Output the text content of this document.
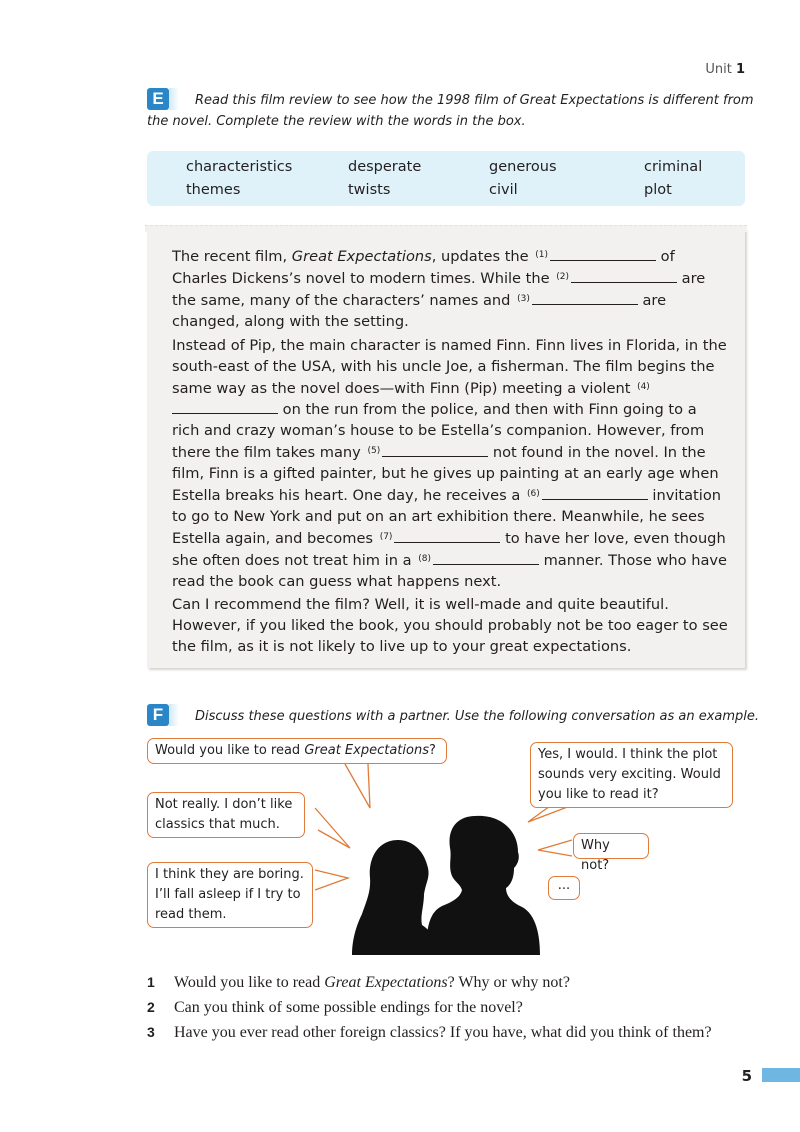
Unit 1
E	Read this film review to see how the 1998 film of Great Expectations is different from
the novel. Complete the review with the words in the box.
characteristics	desperate	generous	criminal
themes	twists	civil	plot
The recent film, Great Expectations, updates the $^{(1)}$	of Charles Dickens’s novel to modern times. While the $^{(2)}$	are the same, many of the characters’ names and $^{(3)}$	are changed, along with the setting.
Instead of Pip, the main character is named Finn. Finn lives in Florida, in the south-east of the USA, with his uncle Joe, a fisherman. The film begins the same way as the novel does—with Finn (Pip) meeting a violent $^{(4)}$ on the run from the police, and then with Finn going to a rich and crazy woman’s house to be Estella’s companion. However, from there the film takes many $^{(5)}$	not found in the novel. In the film, Finn is a gifted painter, but he gives up painting at an early age when Estella breaks his heart. One day, he receives a $^{(6)}$	invitation to go to New York and put on an art exhibition there. Meanwhile, he sees Estella again, and becomes $^{(7)}$	to have her love, even though she often does not treat him in a $^{(8)}$	manner. Those who have read the book can guess what happens next.
Can I recommend the film? Well, it is well-made and quite beautiful. However, if you liked the book, you should probably not be too eager to see the film, as it is not likely to live up to your great expectations.
F	Discuss these questions with a partner. Use the following conversation as an example.
Would you like to read Great Expectations?	Yes, I would. I think the plot sounds very exciting. Would you like to read it?
Not really. I don’t like classics that much.
Why not?
I think they are boring. I’ll fall asleep if I try to read them.
...
1 Would you like to read Great Expectations? Why or why not?
2 Can you think of some possible endings for the novel?
3 Have you ever read other foreign classics? If you have, what did you think of them?
5
